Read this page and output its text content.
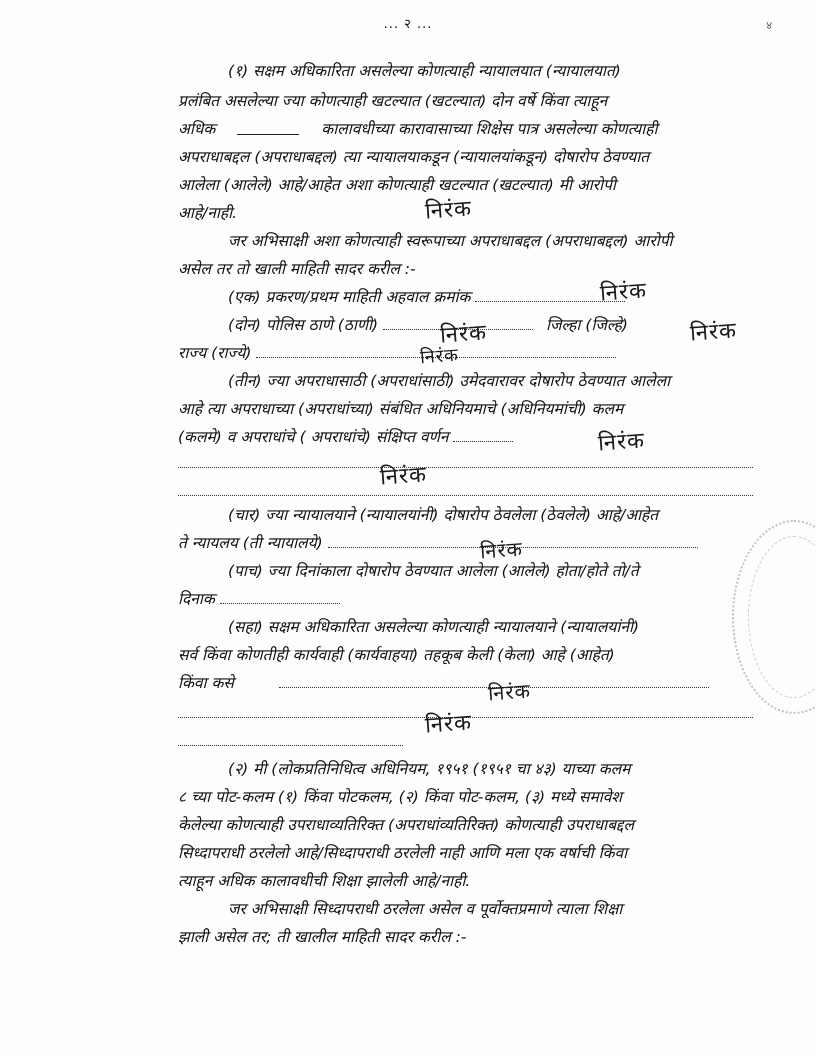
... २ ...	४
(१) सक्षम अधिकारिता असलेल्या कोणत्याही न्यायालयात (न्यायालयात)
प्रलंबित असलेल्या ज्या कोणत्याही खटल्यात (खटल्यात) दोन वर्षे किंवा त्याहून
अधिक	कालावधीच्या कारावासाच्या शिक्षेस पात्र असलेल्या कोणत्याही
अपराधाबद्दल (अपराधाबद्दल) त्या न्यायालयाकडून (न्यायालयांकडून) दोषारोप ठेवण्यात
आलेला (आलेले) आहे/आहेत अशा कोणत्याही खटल्यात (खटल्यात) मी आरोपी
आहे/नाही.	निरंक
जर अभिसाक्षी अशा कोणत्याही स्वरूपाच्या अपराधाबद्दल (अपराधाबद्दल) आरोपी
असेल तर तो खाली माहिती सादर करील :-
(एक) प्रकरण/प्रथम माहिती अहवाल क्रमांक	निरंक
(दोन) पोलिस ठाणे (ठाणी)	जिल्हा (जिल्हे)
निरंक	निरंक
राज्य (राज्ये)	निरंक
(तीन) ज्या अपराधासाठी (अपराधांसाठी) उमेदवारावर दोषारोप ठेवण्यात आलेला
आहे त्या अपराधाच्या (अपराधांच्या) संबंधित अधिनियमाचे (अधिनियमांची) कलम
(कलमे) व अपराधांचे ( अपराधांचे) संक्षिप्त वर्णन	निरंक
निरंक
(चार) ज्या न्यायालयाने (न्यायालयांनी) दोषारोप ठेवलेला (ठेवलेले) आहे/आहेत
ते न्यायलय (ती न्यायालये)	निरंक
(पाच) ज्या दिनांकाला दोषारोप ठेवण्यात आलेला (आलेले) होता/होते तो/ते
दिनाक
(सहा) सक्षम अधिकारिता असलेल्या कोणत्याही न्यायालयाने (न्यायालयांनी)
सर्व किंवा कोणतीही कार्यवाही (कार्यवाहया) तहकूब केली (केला) आहे (आहेत)
किंवा कसे	निरंक
निरंक
(२) मी (लोकप्रतिनिधित्व अधिनियम, १९५१ (१९५१ चा ४३) याच्या कलम
८ च्या पोट-कलम (१) किंवा पोटकलम, (२) किंवा पोट-कलम, (३) मध्ये समावेश
केलेल्या कोणत्याही उपराधाव्यतिरिक्त (अपराधांव्यतिरिक्त) कोणत्याही उपराधाबद्दल
सिध्दापराधी ठरलेलो आहे/सिध्दापराधी ठरलेली नाही आणि मला एक वर्षाची किंवा
त्याहून अधिक कालावधीची शिक्षा झालेली आहे/नाही.
जर अभिसाक्षी सिध्दापराधी ठरलेला असेल व पूर्वोक्तप्रमाणे त्याला शिक्षा
झाली असेल तर; ती खालील माहिती सादर करील :-
